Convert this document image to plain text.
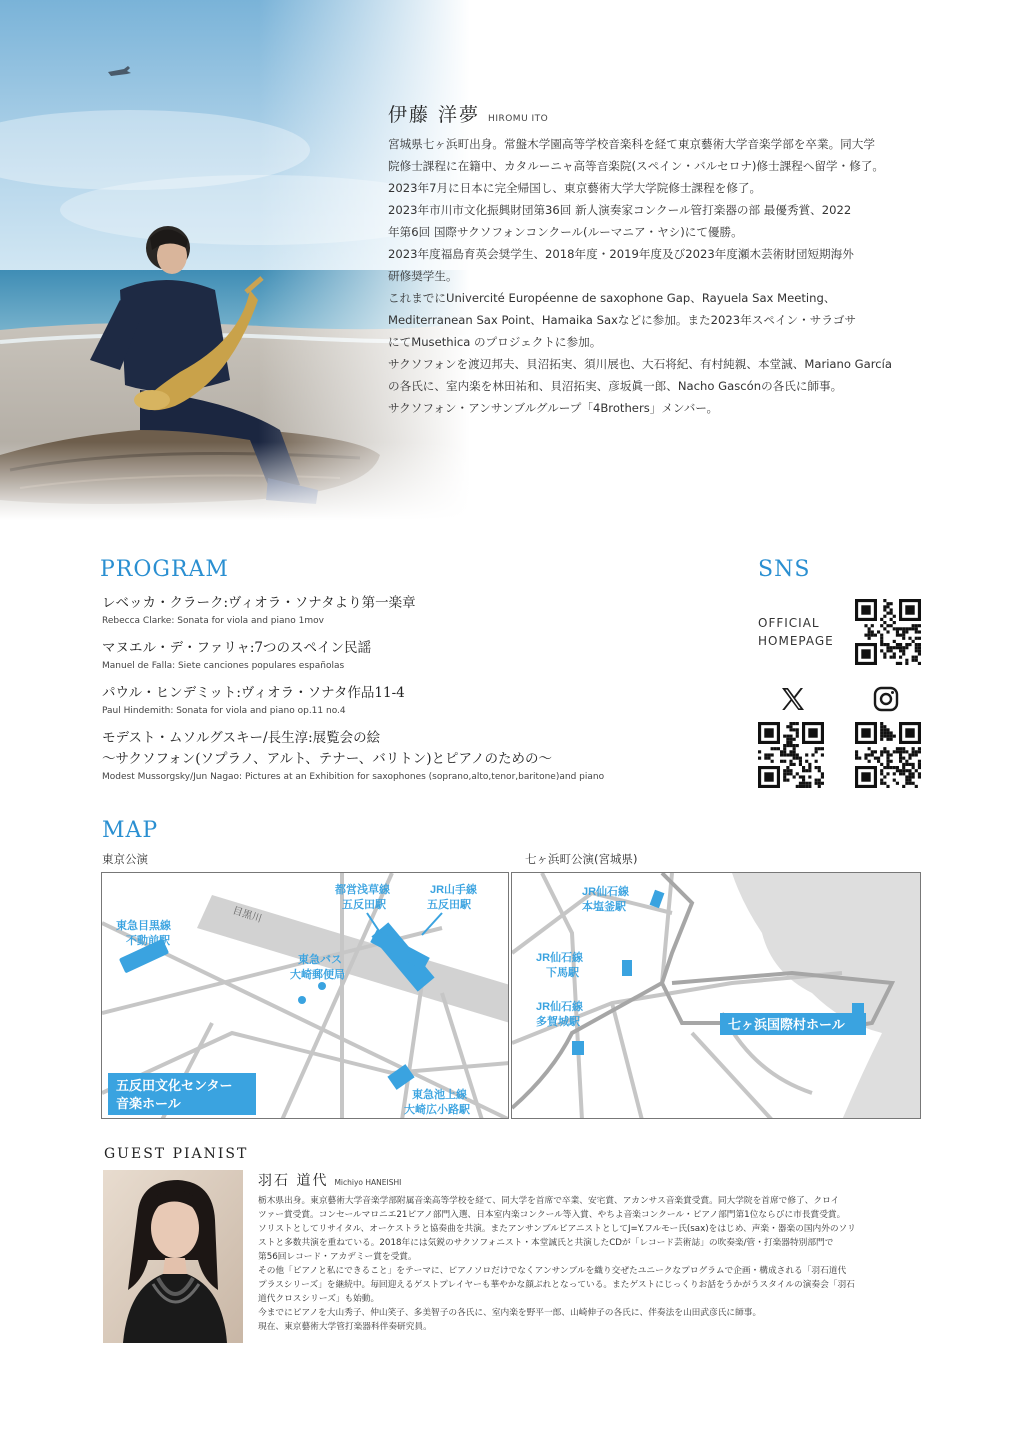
伊藤 洋夢 HIROMU ITO

宮城県七ヶ浜町出身。常盤木学園高等学校音楽科を経て東京藝術大学音楽学部を卒業。同大学

院修士課程に在籍中、カタルーニャ高等音楽院(スペイン・バルセロナ)修士課程へ留学・修了。

2023年7月に日本に完全帰国し、東京藝術大学大学院修士課程を修了。

2023年市川市文化振興財団第36回 新人演奏家コンクール管打楽器の部 最優秀賞、2022

年第6回 国際サクソフォンコンクール(ルーマニア・ヤシ)にて優勝。

2023年度福島育英会奨学生、2018年度・2019年度及び2023年度瀬木芸術財団短期海外

研修奨学生。

これまでにUnivercité Européenne de saxophone Gap、Rayuela Sax Meeting、

Mediterranean Sax Point、Hamaika Saxなどに参加。また2023年スペイン・サラゴサ

にてMusethica のプロジェクトに参加。

サクソフォンを渡辺邦夫、貝沼拓実、須川展也、大石将紀、有村純親、本堂誠、Mariano García

の各氏に、室内楽を林田祐和、貝沼拓実、彦坂眞一郎、Nacho Gascónの各氏に師事。

サクソフォン・アンサンブルグループ「4Brothers」メンバー。

PROGRAM
レベッカ・クラーク:ヴィオラ・ソナタより第一楽章
Rebecca Clarke: Sonata for viola and piano 1mov
マヌエル・デ・ファリャ:7つのスペイン民謡
Manuel de Falla: Siete canciones populares españolas
パウル・ヒンデミット:ヴィオラ・ソナタ作品11-4
Paul Hindemith: Sonata for viola and piano op.11 no.4
モデスト・ムソルグスキー/長生淳:展覧会の絵
〜サクソフォン(ソプラノ、アルト、テナー、バリトン)とピアノのための〜
Modest Mussorgsky/Jun Nagao: Pictures at an Exhibition for saxophones (soprano,alto,tenor,baritone)and piano
SNS
OFFICIAL
HOMEPAGE
MAP
東京公演	七ヶ浜町公演(宮城県)
目黒川
東急目黒線
不動前駅
都営浅草線
五反田駅
JR山手線
五反田駅
東急バス
大崎郵便局
東急池上線
大崎広小路駅
五反田文化センター
音楽ホール
JR仙石線
本塩釜駅
JR仙石線
下馬駅
JR仙石線
多賀城駅	七ヶ浜国際村ホール
GUEST PIANIST
羽石 道代 Michiyo HANEISHI

栃木県出身。東京藝術大学音楽学部附属音楽高等学校を経て、同大学を首席で卒業、安宅賞、アカンサス音楽賞受賞。同大学院を首席で修了、クロイ

ツァー賞受賞。コンセールマロニエ21ピアノ部門入選、日本室内楽コンクール等入賞、やちよ音楽コンクール・ピアノ部門第1位ならびに市長賞受賞。

ソリストとしてリサイタル、オーケストラと協奏曲を共演。またアンサンブルピアニストとしてJ=Y.フルモー氏(sax)をはじめ、声楽・器楽の国内外のソリ

ストと多数共演を重ねている。2018年には気鋭のサクソフォニスト・本堂誠氏と共演したCDが「レコード芸術誌」の吹奏楽/管・打楽器特別部門で

第56回レコード・アカデミー賞を受賞。

その他「ピアノと私にできること」をテーマに、ピアノソロだけでなくアンサンブルを織り交ぜたユニークなプログラムで企画・構成される「羽石道代

プラスシリーズ」を継続中。毎回迎えるゲストプレイヤーも華やかな顔ぶれとなっている。またゲストにじっくりお話をうかがうスタイルの演奏会「羽石

道代クロスシリーズ」も始動。

今までにピアノを大山秀子、仲山笑子、多美智子の各氏に、室内楽を野平一郎、山崎伸子の各氏に、伴奏法を山田武彦氏に師事。

現在、東京藝術大学管打楽器科伴奏研究員。
